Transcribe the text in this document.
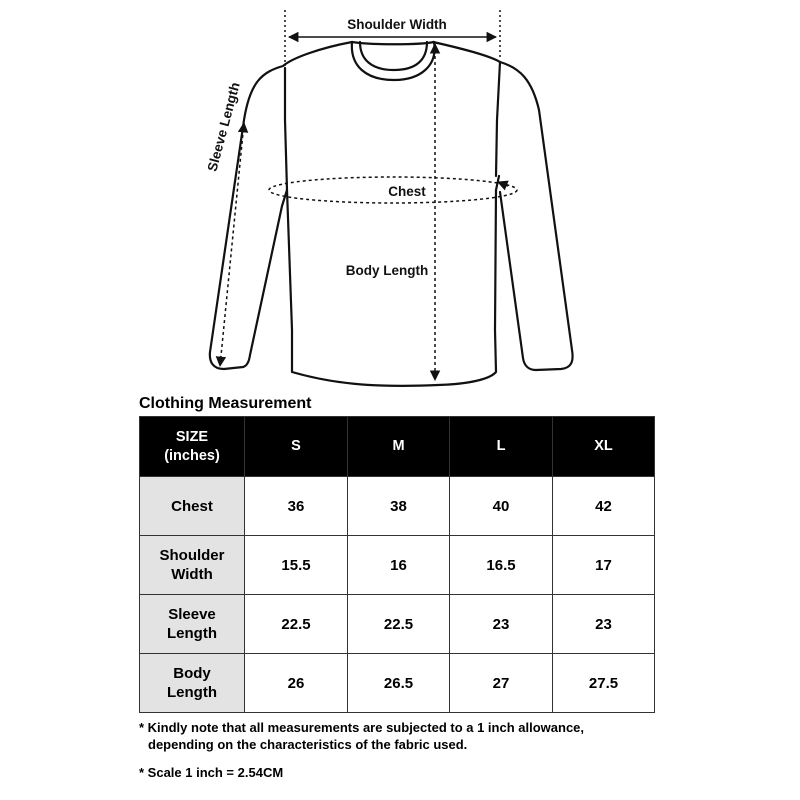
Shoulder Width
Sleeve Length
Chest
Body Length
Clothing Measurement
SIZE
(inches)	S	M	L	XL
Chest	36	38	40	42
Shoulder
Width	15.5	16	16.5	17
Sleeve
Length	22.5	22.5	23	23
Body
Length	26	26.5	27	27.5

* Kindly note that all measurements are subjected to a 1 inch allowance,

depending on the characteristics of the fabric used.

* Scale 1 inch = 2.54CM
